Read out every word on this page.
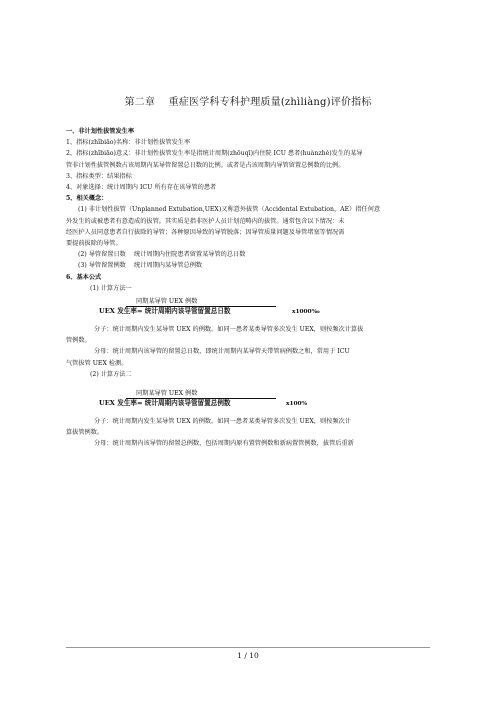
第二章　 重症医学科专科护理质量(zhìliàng)评价指标
一、非计划性拔管发生率
1、指标(zhǐbiāo)名称：非计划性拔管发生率
2、指标(zhǐbiāo)意义：非计划性拔管发生率是指统计周期(zhōuqī)内住院 ICU 患者(huànzhě)发生的某导
管非计划性拔管例数占该周期内某导管留置总日数的比例。或者是占该周期内导管留置总例数的比例。
3、指标类型：结果指标
4、对象选择：统计周期内 ICU 所有存在该导管的患者
5、相关概念：
(1) 非计划性拔管（Unplanned Extubation,UEX)又称意外拔管（Accidental Extubation，AE）指任何意
外发生的或被患者有意造成的拔管。其实质是指非医护人员计划范畴内的拔管。通常包含以下情况：未
经医护人员同意患者自行拔除的导管；各种原因导致的导管脱落；因导管质量问题及导管堵塞等情况需
要提前拔除的导管。
(2) 导管留置日数　 统计周期内住院患者留置某导管的总日数
(3) 导管留置例数　 统计周期内某导管总例数
6、基本公式
(1) 计算方法一
同期某导管 UEX 例数
UEX 发生率= 统计周期内该导管留置总日数	x1000‰
分子：统计周期内发生某导管 UEX 的例数。如同一患者某类导管多次发生 UEX，则按频次计算拔
管例数。
分母：统计周期内该导管的留置总日数，即统计周期内某导管天带管病例数之和，常用于 ICU
气管拔管 UEX 检测。
(2) 计算方法二
同期某导管 UEX 例数
UEX 发生率= 统计周期内该导管留置总例数	x100%
分子：统计周期内发生某导管 UEX 的例数。如同一患者某类导管多次发生 UEX，则按频次计
算拔管例数。
分母：统计周期内该导管的留置总例数，包括周期内原有置管例数和新病置管例数，拔管后重新
1 / 10
